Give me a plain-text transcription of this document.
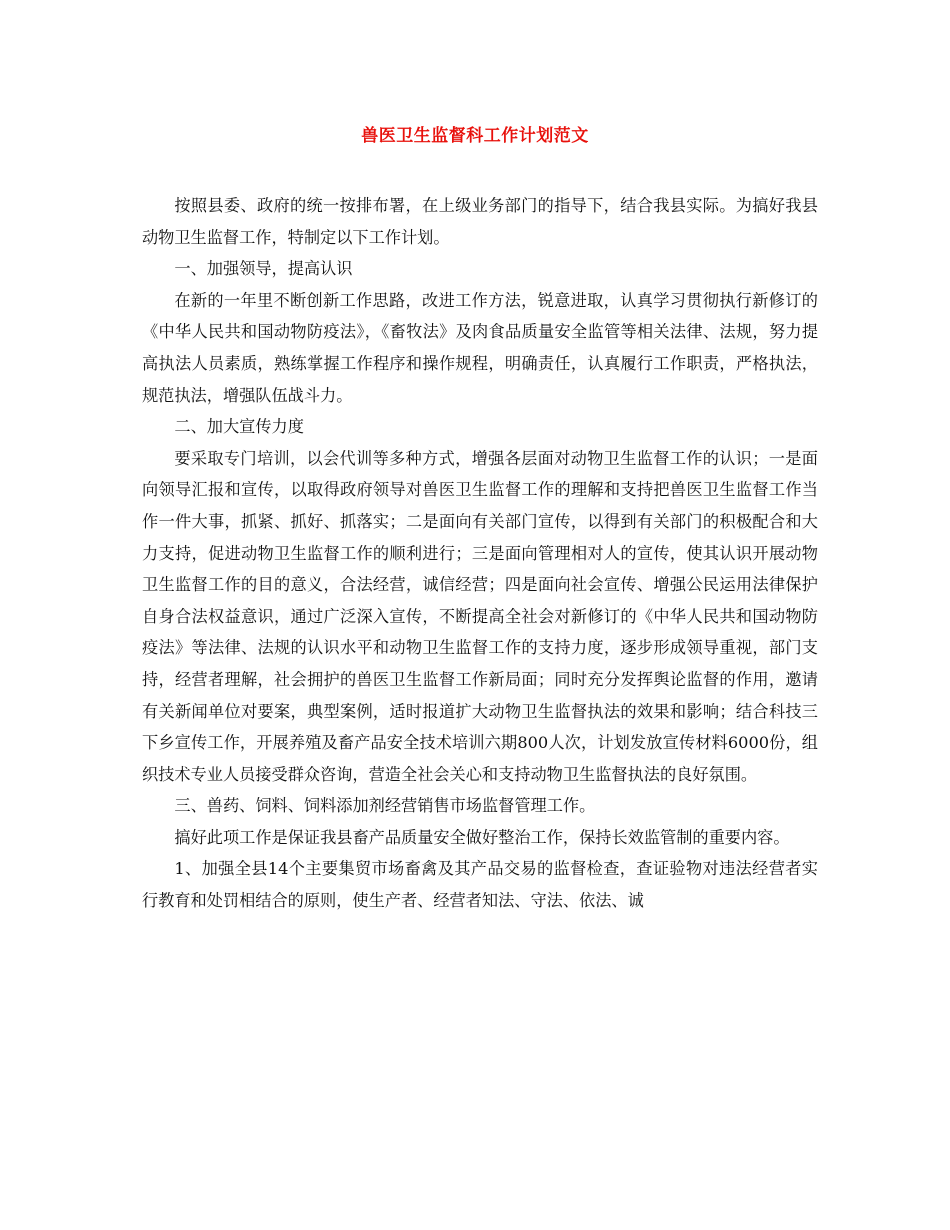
兽医卫生监督科工作计划范文

按照县委、政府的统一按排布署，在上级业务部门的指导下，结合我县实际。为搞好我县动物卫生监督工作，特制定以下工作计划。

一、加强领导，提高认识

在新的一年里不断创新工作思路，改进工作方法，锐意进取，认真学习贯彻执行新修订的《中华人民共和国动物防疫法》，《畜牧法》及肉食品质量安全监管等相关法律、法规，努力提高执法人员素质，熟练掌握工作程序和操作规程，明确责任，认真履行工作职责，严格执法，规范执法，增强队伍战斗力。

二、加大宣传力度

要采取专门培训，以会代训等多种方式，增强各层面对动物卫生监督工作的认识；一是面向领导汇报和宣传，以取得政府领导对兽医卫生监督工作的理解和支持把兽医卫生监督工作当作一件大事，抓紧、抓好、抓落实；二是面向有关部门宣传，以得到有关部门的积极配合和大力支持，促进动物卫生监督工作的顺利进行；三是面向管理相对人的宣传，使其认识开展动物卫生监督工作的目的意义，合法经营，诚信经营；四是面向社会宣传、增强公民运用法律保护自身合法权益意识，通过广泛深入宣传，不断提高全社会对新修订的《中华人民共和国动物防疫法》等法律、法规的认识水平和动物卫生监督工作的支持力度，逐步形成领导重视，部门支持，经营者理解，社会拥护的兽医卫生监督工作新局面；同时充分发挥舆论监督的作用，邀请有关新闻单位对要案，典型案例，适时报道扩大动物卫生监督执法的效果和影响；结合科技三下乡宣传工作，开展养殖及畜产品安全技术培训六期800人次，计划发放宣传材料6000份，组织技术专业人员接受群众咨询，营造全社会关心和支持动物卫生监督执法的良好氛围。

三、兽药、饲料、饲料添加剂经营销售市场监督管理工作。

搞好此项工作是保证我县畜产品质量安全做好整治工作，保持长效监管制的重要内容。

1、加强全县14个主要集贸市场畜禽及其产品交易的监督检查，查证验物对违法经营者实行教育和处罚相结合的原则，使生产者、经营者知法、守法、依法、诚
